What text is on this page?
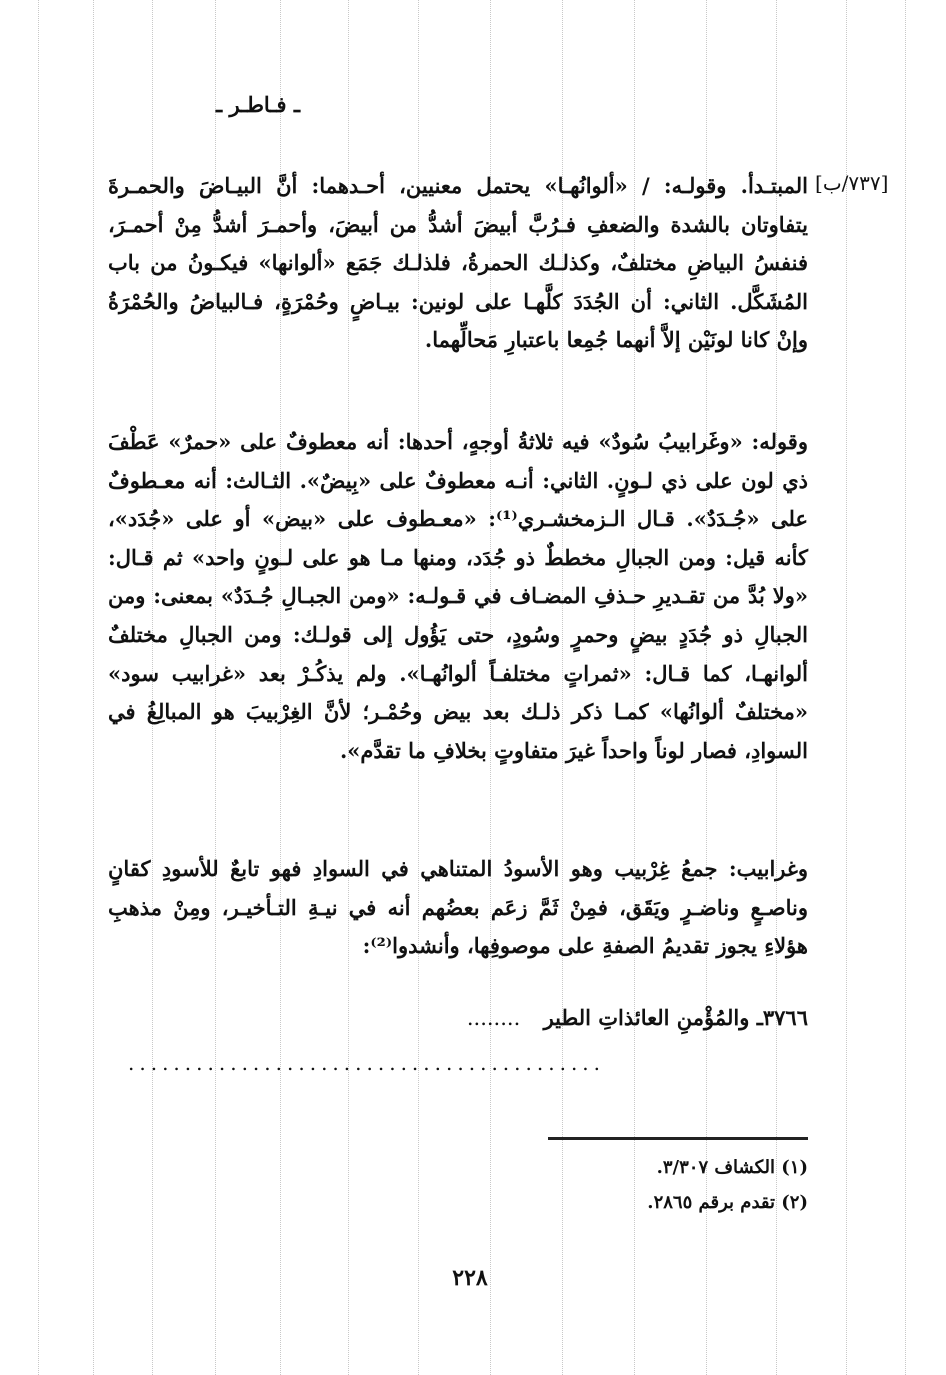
ـ فـاطـر ـ
[٧٣٧/ب]

المبتـدأ. وقولـه: / «ألوانُهـا» يحتمل معنيين، أحـدهما: أنَّ البيـاضَ والحمـرةَ يتفاوتان بالشدة والضعفِ فـرُبَّ أبيضَ أشدُّ من أبيضَ، وأحمـرَ أشدُّ مِنْ أحمـرَ، فنفسُ البياضِ مختلفٌ، وكذلـك الحمرةُ، فلذلـك جَمَع «ألوانها» فيكـونُ من باب المُشَكَّل. الثاني: أن الجُدَدَ كلَّهـا على لونين: بيـاضٍ وحُمْرَةٍ، فـالبياضُ والحُمْرَةُ وإنْ كانا لونَيْن إلاَّ أنهما جُمِعا باعتبارِ مَحالِّهما.

وقوله: «وغَرابيبُ سُودٌ» فيه ثلاثةُ أوجهٍ، أحدها: أنه معطوفٌ على «حمرٌ» عَطْفَ ذي لون على ذي لـونٍ. الثاني: أنـه معطوفٌ على «بِيضٌ». الثـالث: أنه معـطوفٌ على «جُـدَدٌ». قـال الـزمخشـري⁽¹⁾: «معـطوف على «بيض» أو على «جُدَد»، كأنه قيل: ومن الجبالِ مخططٌ ذو جُدَد، ومنها مـا هو على لـونٍ واحد» ثم قـال: «ولا بُدَّ من تقـديرِ حـذفِ المضـاف في قـولـه: «ومن الجبـالِ جُـدَدٌ» بمعنى: ومن الجبالِ ذو جُدَدٍ بيضٍ وحمرٍ وسُودٍ، حتى يَؤُول إلى قولـك: ومن الجبالِ مختلفٌ ألوانهـا، كما قـال: «ثمراتٍ مختلفـاً ألوانُهـا». ولم يذكُـرْ بعد «غرابيب سود» «مختلفٌ ألوانُها» كمـا ذكر ذلـك بعد بيض وحُمْـر؛ لأنَّ الغِرْبيبَ هو المبالِغُ في السوادِ، فصار لوناً واحداً غيرَ متفاوتٍ بخلافِ ما تقدَّم».

وغرابيب: جمعُ غِرْبيب وهو الأسودُ المتناهي في السوادِ فهو تابعٌ للأسودِ كقانٍ وناصـعٍ وناضـرٍ ويَقَق، فمِنْ ثَمَّ زعَم بعضُهم أنه في نيـةِ التـأخيـر، ومِنْ مذهبِ هؤلاءِ يجوز تقديمُ الصفةِ على موصوفِها، وأنشدوا⁽²⁾:

٣٧٦٦ـ والمُؤْمنِ العائذاتِ الطير ........
..........................................
(١) الكشاف ٣/٣٠٧.
(٢) تقدم برقم ٢٨٦٥.
٢٢٨
